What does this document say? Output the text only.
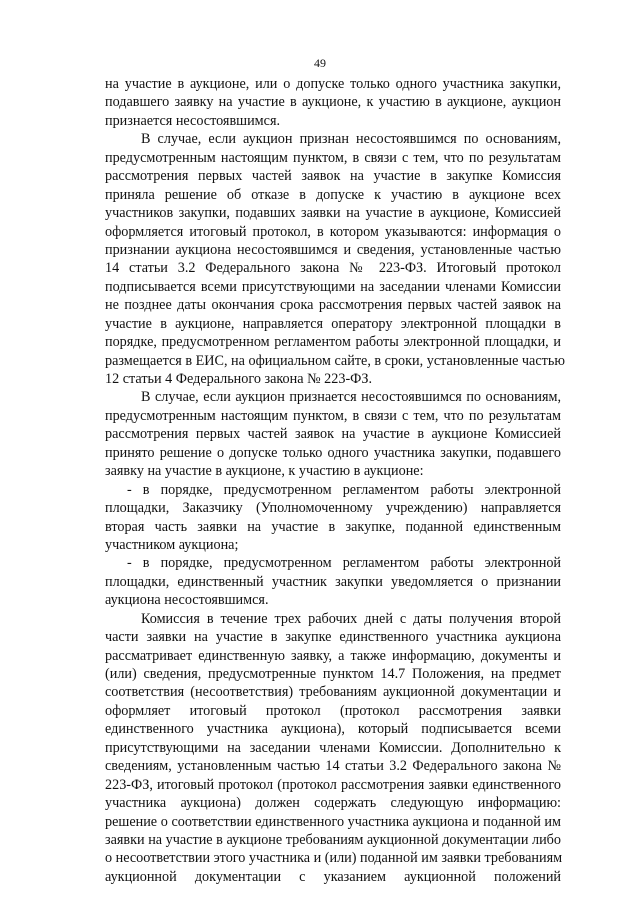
49
на участие в аукционе, или о допуске только одного участника закупки,
подавшего заявку на участие в аукционе, к участию в аукционе, аукцион
признается несостоявшимся.
В случае, если аукцион признан несостоявшимся по основаниям,
предусмотренным настоящим пунктом, в связи с тем, что по результатам
рассмотрения первых частей заявок на участие в закупке Комиссия
приняла решение об отказе в допуске к участию в аукционе всех
участников закупки, подавших заявки на участие в аукционе, Комиссией
оформляется итоговый протокол, в котором указываются: информация о
признании аукциона несостоявшимся и сведения, установленные частью
14 статьи 3.2 Федерального закона № 223-ФЗ. Итоговый протокол
подписывается всеми присутствующими на заседании членами Комиссии
не позднее даты окончания срока рассмотрения первых частей заявок на
участие в аукционе, направляется оператору электронной площадки в
порядке, предусмотренном регламентом работы электронной площадки, и
размещается в ЕИС, на официальном сайте, в сроки, установленные частью
12 статьи 4 Федерального закона № 223-ФЗ.
В случае, если аукцион признается несостоявшимся по основаниям,
предусмотренным настоящим пунктом, в связи с тем, что по результатам
рассмотрения первых частей заявок на участие в аукционе Комиссией
принято решение о допуске только одного участника закупки, подавшего
заявку на участие в аукционе, к участию в аукционе:
- в порядке, предусмотренном регламентом работы электронной
площадки, Заказчику (Уполномоченному учреждению) направляется
вторая часть заявки на участие в закупке, поданной единственным
участником аукциона;
- в порядке, предусмотренном регламентом работы электронной
площадки, единственный участник закупки уведомляется о признании
аукциона несостоявшимся.
Комиссия в течение трех рабочих дней с даты получения второй
части заявки на участие в закупке единственного участника аукциона
рассматривает единственную заявку, а также информацию, документы и
(или) сведения, предусмотренные пунктом 14.7 Положения, на предмет
соответствия (несоответствия) требованиям аукционной документации и
оформляет итоговый протокол (протокол рассмотрения заявки
единственного участника аукциона), который подписывается всеми
присутствующими на заседании членами Комиссии. Дополнительно к
сведениям, установленным частью 14 статьи 3.2 Федерального закона №
223-ФЗ, итоговый протокол (протокол рассмотрения заявки единственного
участника аукциона) должен содержать следующую информацию:
решение о соответствии единственного участника аукциона и поданной им
заявки на участие в аукционе требованиям аукционной документации либо
о несоответствии этого участника и (или) поданной им заявки требованиям
аукционной документации с указанием аукционной положений
